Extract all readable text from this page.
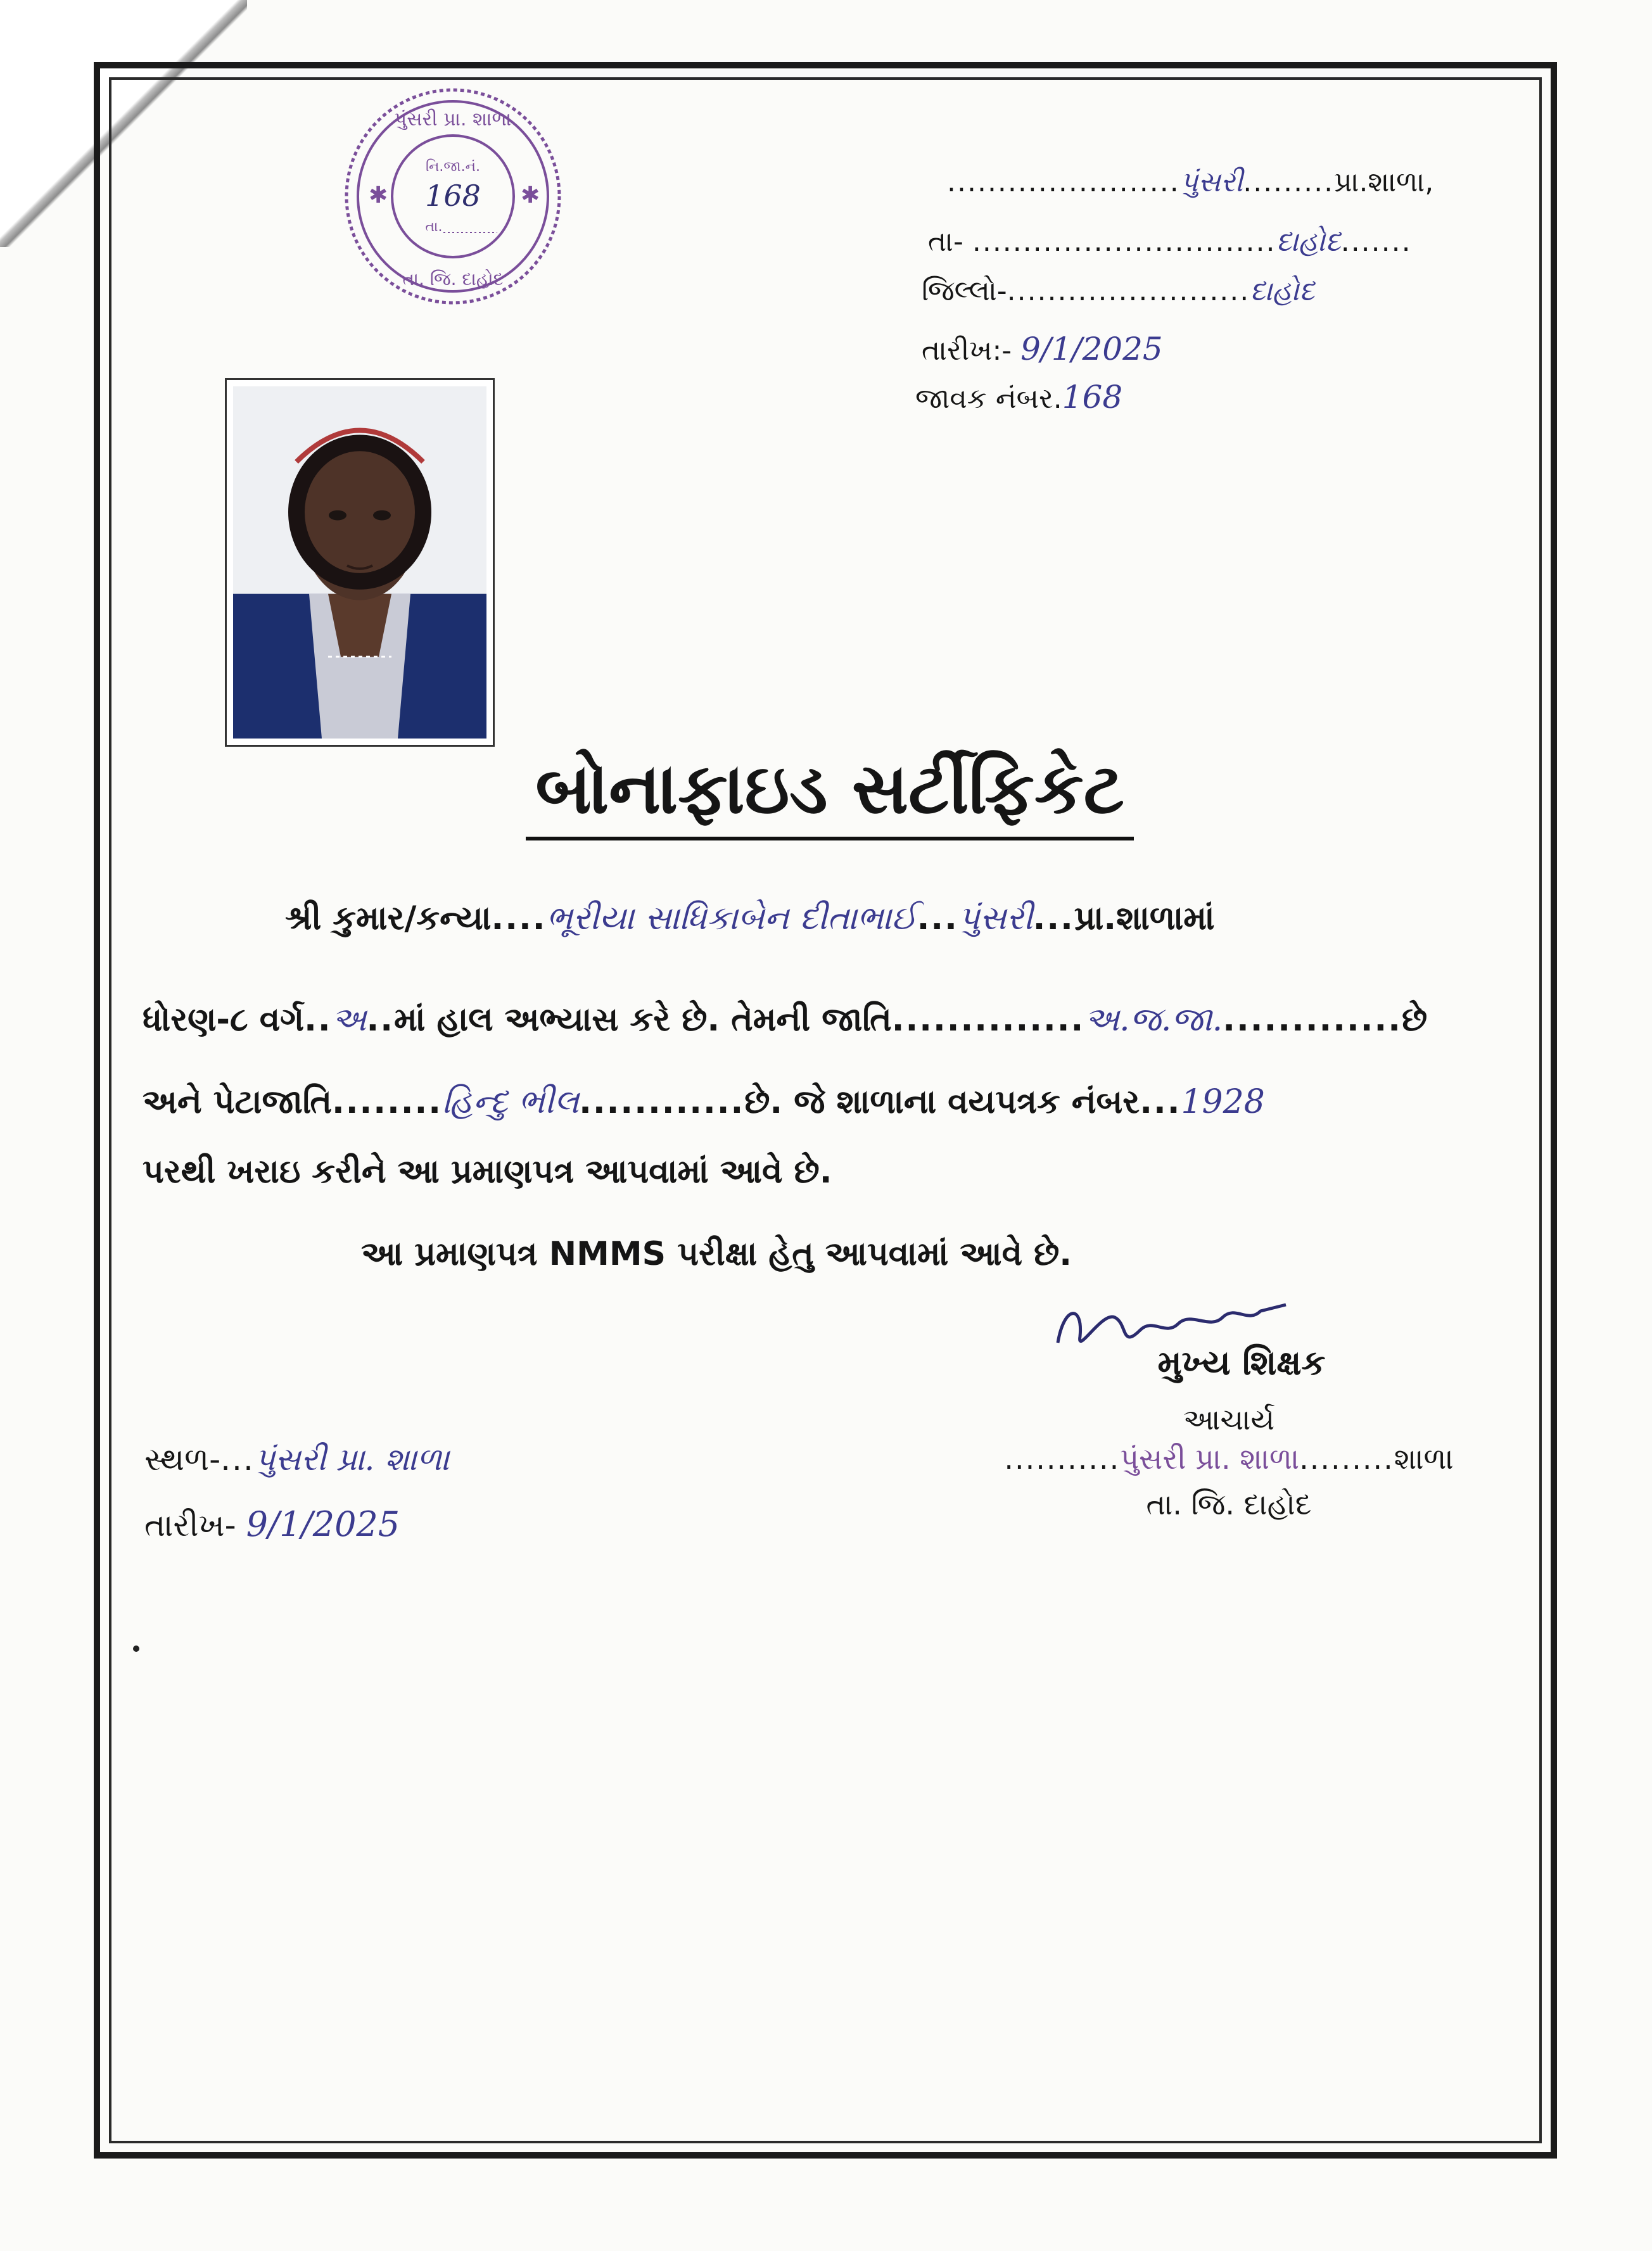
પુંસરી પ્રા. શાળા
તા. જિ. દાહોદ
નિ.જા.નં.
168
તા.
✱	✱	.......................પુંસરી.........પ્રા.શાળા,
તા- ..............................દાહોદ.......
જિલ્લો-........................દાહોદ
તારીખ:- 9/1/2025
જાવક નંબર.168
બોનાફાઇડ સર્ટીફિકેટ
શ્રી કુમાર/કન્યા....ભૂરીયા સાધિકાબેન દીતાભાઈ...પુંસરી...પ્રા.શાળામાં
ધોરણ-૮ વર્ગ..અ..માં હાલ અભ્યાસ કરે છે. તેમની જાતિ..............અ.જ.જા..............છે
અને પેટાજાતિ........હિન્દુ ભીલ............છે. જે શાળાના વયપત્રક નંબર...1928
પરથી ખરાઇ કરીને આ પ્રમાણપત્ર આપવામાં આવે છે.
આ પ્રમાણપત્ર NMMS પરીક્ષા હેતુ આપવામાં આવે છે.
મુખ્ય શિક્ષક
આચાર્ય
...........પુંસરી પ્રા. શાળા.........શાળા
તા. જિ. દાહોદ
સ્થળ-...પુંસરી પ્રા. શાળા
તારીખ- 9/1/2025
